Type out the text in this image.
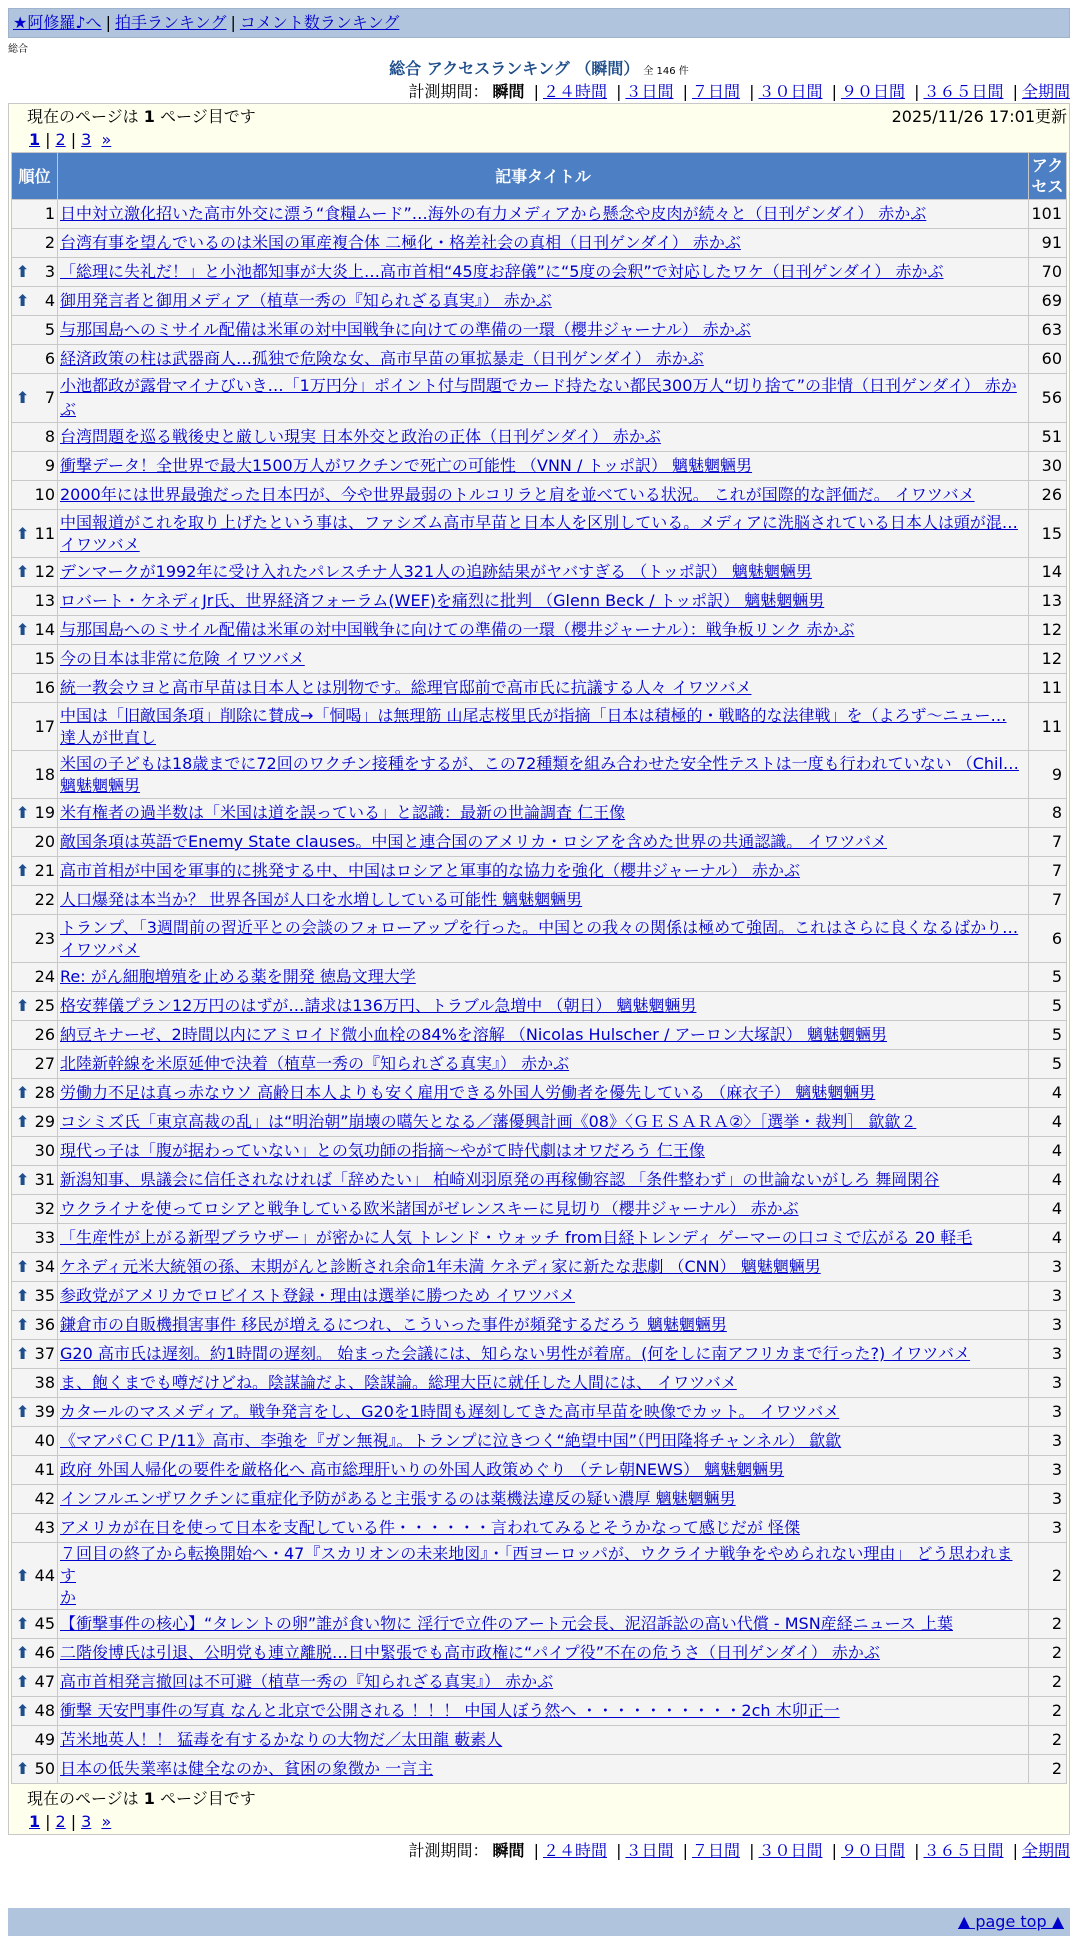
★阿修羅♪へ | 拍手ランキング | コメント数ランキング
総合
総合 アクセスランキング （瞬間） 全 146 件
計測期間： 瞬間 | ２４時間 | ３日間 | ７日間 | ３０日間 | ９０日間 | ３６５日間 | 全期間
現在のページは 1 ページ目です	2025/11/26 17:01更新
1 | 2 | 3 »
順位	記事タイトル	アクセス
1	日中対立激化招いた高市外交に漂う“食糧ムード”…海外の有力メディアから懸念や皮肉が続々と（日刊ゲンダイ） 赤かぶ	101
2	台湾有事を望んでいるのは米国の軍産複合体 二極化・格差社会の真相（日刊ゲンダイ） 赤かぶ	91

⬆ 3	「総理に失礼だ！」と小池都知事が大炎上…高市首相“45度お辞儀”に“5度の会釈”で対応したワケ（日刊ゲンダイ） 赤かぶ	70

⬆ 4	御用発言者と御用メディア（植草一秀の『知られざる真実』） 赤かぶ	69
5	与那国島へのミサイル配備は米軍の対中国戦争に向けての準備の一環（櫻井ジャーナル） 赤かぶ	63
6	経済政策の柱は武器商人…孤独で危険な女、高市早苗の軍拡暴走（日刊ゲンダイ） 赤かぶ	60

⬆ 7	小池都政が露骨マイナびいき…「1万円分」ポイント付与問題でカード持たない都民300万人“切り捨て”の非情（日刊ゲンダイ） 赤かぶ	56
8	台湾問題を巡る戦後史と厳しい現実 日本外交と政治の正体（日刊ゲンダイ） 赤かぶ	51
9	衝撃データ！全世界で最大1500万人がワクチンで死亡の可能性 （VNN / トッポ訳） 魑魅魍魎男	30
10	2000年には世界最強だった日本円が、今や世界最弱のトルコリラと肩を並べている状況。 これが国際的な評価だ。 イワツバメ	26

⬆ 11	中国報道がこれを取り上げたという事は、ファシズム高市早苗と日本人を区別している。メディアに洗脳されている日本人は頭が混…
イワツバメ	15

⬆ 12	デンマークが1992年に受け入れたパレスチナ人321人の追跡結果がヤバすぎる （トッポ訳） 魑魅魍魎男	14
13	ロバート・ケネディJr氏、世界経済フォーラム(WEF)を痛烈に批判 （Glenn Beck / トッポ訳） 魑魅魍魎男	13

⬆ 14	与那国島へのミサイル配備は米軍の対中国戦争に向けての準備の一環（櫻井ジャーナル）：戦争板リンク 赤かぶ	12
15	今の日本は非常に危険 イワツバメ	12
16	統一教会ウヨと高市早苗は日本人とは別物です。総理官邸前で高市氏に抗議する人々 イワツバメ	11
17	中国は「旧敵国条項」削除に賛成→「恫喝」は無理筋 山尾志桜里氏が指摘「日本は積極的・戦略的な法律戦」を（よろず～ニュー…
達人が世直し	11
18	米国の子どもは18歳までに72回のワクチン接種をするが、この72種類を組み合わせた安全性テストは一度も行われていない （Chil…
魑魅魍魎男	9

⬆ 19	米有権者の過半数は「米国は道を誤っている」と認識：最新の世論調査 仁王像	8
20	敵国条項は英語でEnemy State clauses。中国と連合国のアメリカ・ロシアを含めた世界の共通認識。 イワツバメ	7

⬆ 21	高市首相が中国を軍事的に挑発する中、中国はロシアと軍事的な協力を強化（櫻井ジャーナル） 赤かぶ	7
22	人口爆発は本当か？ 世界各国が人口を水増ししている可能性 魑魅魍魎男	7
23	トランプ、「3週間前の習近平との会談のフォローアップを行った。中国との我々の関係は極めて強固。これはさらに良くなるばかり…
イワツバメ	6
24	Re: がん細胞増殖を止める薬を開発 徳島文理大学	5

⬆ 25	格安葬儀プラン12万円のはずが…請求は136万円、トラブル急増中 （朝日） 魑魅魍魎男	5
26	納豆キナーゼ、2時間以内にアミロイド微小血栓の84%を溶解 （Nicolas Hulscher / アーロン大塚訳） 魑魅魍魎男	5
27	北陸新幹線を米原延伸で決着（植草一秀の『知られざる真実』） 赤かぶ	5

⬆ 28	労働力不足は真っ赤なウソ 高齢日本人よりも安く雇用できる外国人労働者を優先している （麻衣子） 魑魅魍魎男	4

⬆ 29	コシミズ氏「東京高裁の乱」は“明治朝”崩壊の嚆矢となる／藩優興計画《08》〈ＧＥＳＡＲＡ②〉［選挙・裁判］ 歙歙２	4
30	現代っ子は「腹が据わっていない」との気功師の指摘～やがて時代劇はオワだろう 仁王像	4

⬆ 31	新潟知事、県議会に信任されなければ「辞めたい」 柏崎刈羽原発の再稼働容認 「条件整わず」の世論ないがしろ 舞岡閑谷	4
32	ウクライナを使ってロシアと戦争している欧米諸国がゼレンスキーに見切り（櫻井ジャーナル） 赤かぶ	4
33	「生産性が上がる新型ブラウザー」が密かに人気 トレンド・ウォッチ from日経トレンディ ゲーマーの口コミで広がる 20 軽毛	4

⬆ 34	ケネディ元米大統領の孫、末期がんと診断され余命1年未満 ケネディ家に新たな悲劇 （CNN） 魑魅魍魎男	3

⬆ 35	参政党がアメリカでロビイスト登録・理由は選挙に勝つため イワツバメ	3

⬆ 36	鎌倉市の自販機損害事件 移民が増えるにつれ、こういった事件が頻発するだろう 魑魅魍魎男	3

⬆ 37	G20 高市氏は遅刻。約1時間の遅刻。 始まった会議には、知らない男性が着席。(何をしに南アフリカまで行った?) イワツバメ	3
38	ま、飽くまでも噂だけどね。陰謀論だよ、陰謀論。総理大臣に就任した人間には、 イワツバメ	3

⬆ 39	カタールのマスメディア。戦争発言をし、G20を1時間も遅刻してきた高市早苗を映像でカット。 イワツバメ	3
40	《マアパＣＣＰ/11》高市、李強を『ガン無視』。トランプに泣きつく“絶望中国”（門田隆将チャンネル） 歙歙	3
41	政府 外国人帰化の要件を厳格化へ 高市総理肝いりの外国人政策めぐり （テレ朝NEWS） 魑魅魍魎男	3
42	インフルエンザワクチンに重症化予防があると主張するのは薬機法違反の疑い濃厚 魑魅魍魎男	3
43	アメリカが在日を使って日本を支配している件・・・・・・言われてみるとそうかなって感じだが 怪傑	3

⬆ 44	７回目の終了から転換開始へ・47『スカリオンの未来地図』・「西ヨーロッパが、ウクライナ戦争をやめられない理由」 どう思われます
か	2

⬆ 45	【衝撃事件の核心】“タレントの卵”誰が食い物に 淫行で立件のアート元会長、泥沼訴訟の高い代償 - MSN産経ニュース 上葉	2

⬆ 46	二階俊博氏は引退、公明党も連立離脱…日中緊張でも高市政権に“パイプ役”不在の危うさ（日刊ゲンダイ） 赤かぶ	2

⬆ 47	高市首相発言撤回は不可避（植草一秀の『知られざる真実』） 赤かぶ	2

⬆ 48	衝撃 天安門事件の写真 なんと北京で公開される ！！！ 中国人ぼう然へ ・・・・・・・・・・2ch 木卯正一	2
49	苫米地英人！！ 猛毒を有するかなりの大物だ／太田龍 藪素人	2

⬆ 50	日本の低失業率は健全なのか、貧困の象徴か 一言主	2
現在のページは 1 ページ目です
1 | 2 | 3 »
計測期間： 瞬間 | ２４時間 | ３日間 | ７日間 | ３０日間 | ９０日間 | ３６５日間 | 全期間
▲ page top ▲
